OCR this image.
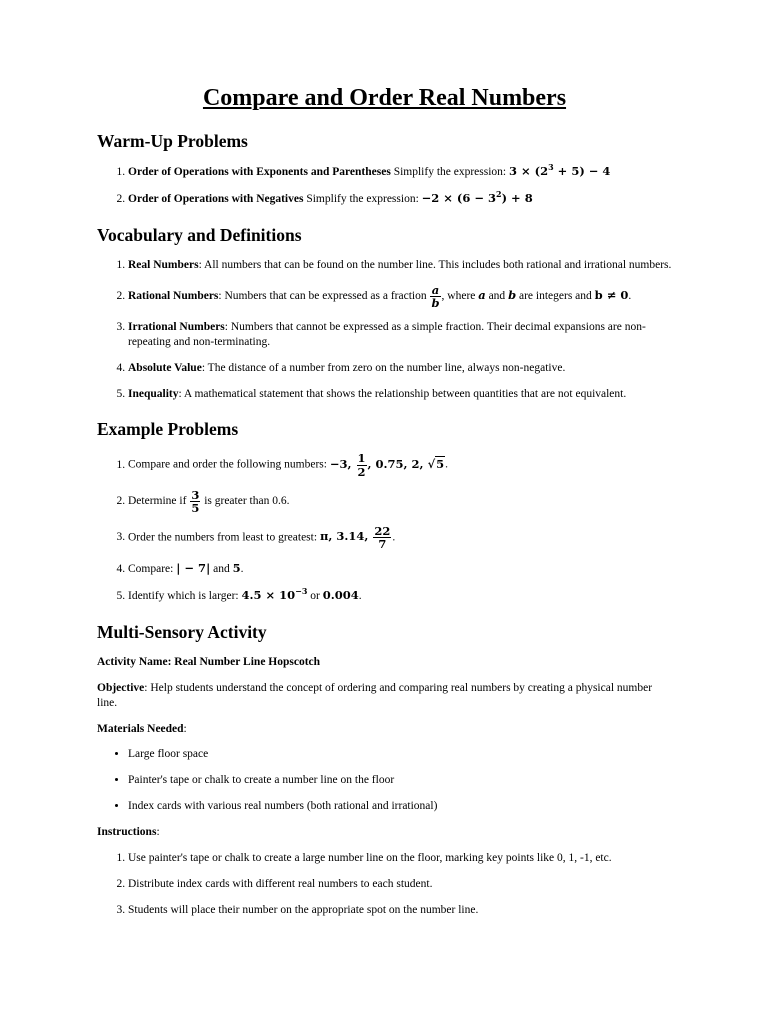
Compare and Order Real Numbers
Warm-Up Problems
1. Order of Operations with Exponents and Parentheses Simplify the expression: $3 \times (2^3 + 5) - 4$
2. Order of Operations with Negatives Simplify the expression: $-2 \times (6 - 3^2) + 8$
Vocabulary and Definitions
1. Real Numbers: All numbers that can be found on the number line. This includes both rational and irrational numbers.
2. Rational Numbers: Numbers that can be expressed as a fraction $\frac{a}{b}$ , where a and b are integers and b ≠ 0.
3. Irrational Numbers: Numbers that cannot be expressed as a simple fraction. Their decimal expansions are non-repeating and non-terminating.
4. Absolute Value: The distance of a number from zero on the number line, always non-negative.
5. Inequality: A mathematical statement that shows the relationship between quantities that are not equivalent.
Example Problems
1. Compare and order the following numbers: −3, $\frac{1}{2}$ , 0.75, 2, √5.
2. Determine if $\frac{3}{5}$ is greater than 0.6.
3. Order the numbers from least to greatest: π, 3.14, $\frac{22}{7}$ .
4. Compare: | − 7| and 5.
5. Identify which is larger: $4.5 \times 10^{-3}$ or 0.004.
Multi-Sensory Activity

Activity Name: Real Number Line Hopscotch

Objective: Help students understand the concept of ordering and comparing real numbers by creating a physical number line.

Materials Needed:

• Large floor space
• Painter's tape or chalk to create a number line on the floor
• Index cards with various real numbers (both rational and irrational)

Instructions:

1. Use painter's tape or chalk to create a large number line on the floor, marking key points like 0, 1, -1, etc.
2. Distribute index cards with different real numbers to each student.
3. Students will place their number on the appropriate spot on the number line.
